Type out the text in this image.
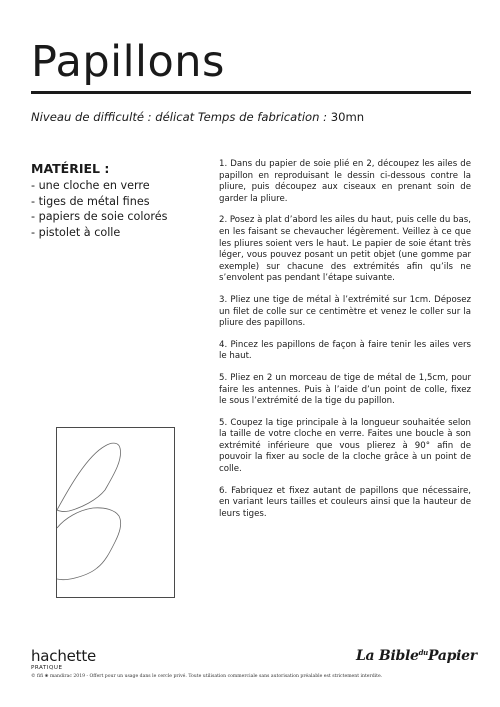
Papillons
Niveau de difficulté : délicat Temps de fabrication : 30mn
MATÉRIEL :
- une cloche en verre
- tiges de métal fines
- papiers de soie colorés
- pistolet à colle

1. Dans du papier de soie plié en 2, découpez les ailes de papillon en reproduisant le dessin ci-dessous contre la pliure, puis découpez aux ciseaux en prenant soin de garder la pliure.

2. Posez à plat d’abord les ailes du haut, puis celle du bas, en les faisant se chevaucher légèrement. Veillez à ce que les pliures soient vers le haut. Le papier de soie étant très léger, vous pouvez posant un petit objet (une gomme par exemple) sur chacune des extrémités afin qu’ils ne s’envolent pas pendant l’étape suivante.

3. Pliez une tige de métal à l’extrémité sur 1cm. Déposez un filet de colle sur ce centimètre et venez le coller sur la pliure des papillons.

4. Pincez les papillons de façon à faire tenir les ailes vers le haut.

5. Pliez en 2 un morceau de tige de métal de 1,5cm, pour faire les antennes. Puis à l’aide d’un point de colle, fixez le sous l’extrémité de la tige du papillon.

5. Coupez la tige principale à la longueur souhaitée selon la taille de votre cloche en verre. Faites une boucle à son extrémité inférieure que vous plierez à 90° afin de pouvoir la fixer au socle de la cloche grâce à un point de colle.

6. Fabriquez et fixez autant de papillons que nécessaire, en variant leurs tailles et couleurs ainsi que la hauteur de leurs tiges.

hachette
PRATIQUE
La Bible$^{du}$Papier
© fifi ❀ mandirac 2019 - Offert pour un usage dans le cercle privé. Toute utilisation commerciale sans autorisation préalable est strictement interdite.
